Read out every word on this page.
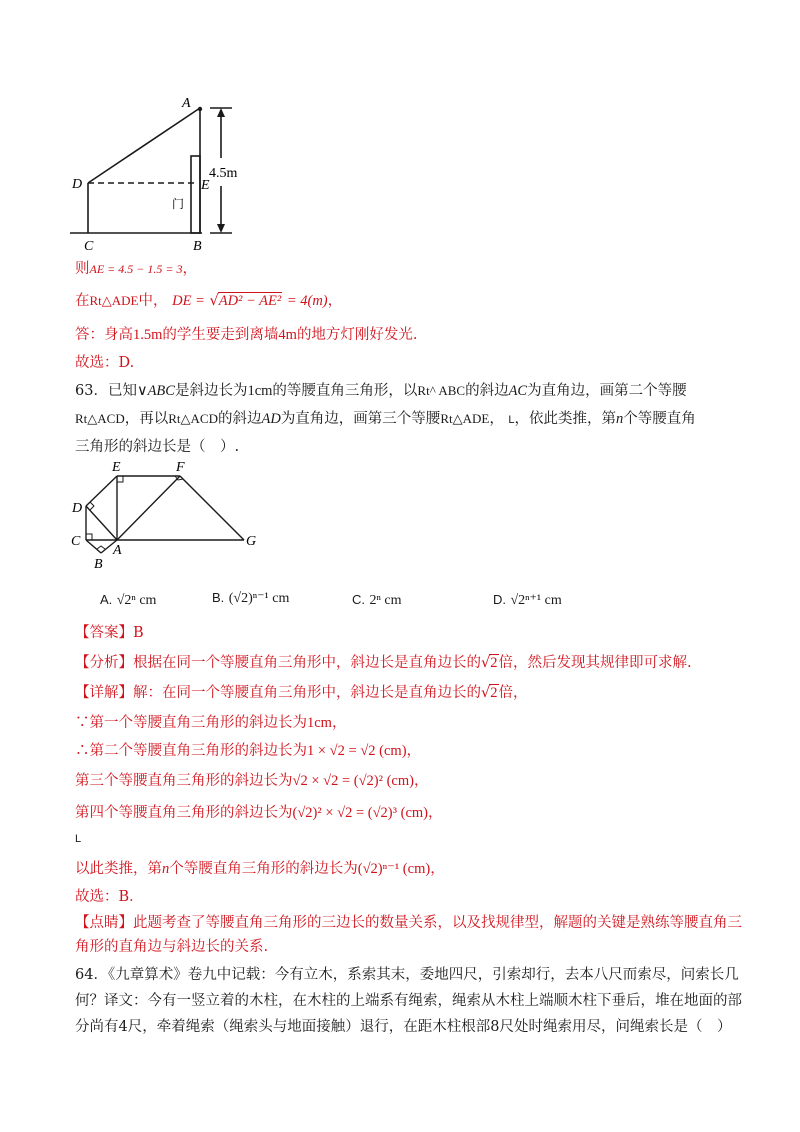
A
D	E
门
C	B
4.5m
则AE = 4.5 − 1.5 = 3，
在Rt△ADE中， DE = √AD² − AE² = 4(m)，
答：身高1.5m的学生要走到离墙4m的地方灯刚好发光.
故选：D.
63．已知∨ABC是斜边长为1cm的等腰直角三角形，以Rt^ ABC的斜边AC为直角边，画第二个等腰
Rt△ACD，再以Rt△ACD的斜边AD为直角边，画第三个等腰Rt△ADE， L，依此类推，第n个等腰直角
三角形的斜边长是（　）.
E	F
D
C
A
B
G
A. √2ⁿ cm	B. (√2)ⁿ⁻¹ cm	C. 2ⁿ cm	D. √2ⁿ⁺¹ cm
【答案】B
【分析】根据在同一个等腰直角三角形中，斜边长是直角边长的√2倍，然后发现其规律即可求解.
【详解】解：在同一个等腰直角三角形中，斜边长是直角边长的√2倍，
∵第一个等腰直角三角形的斜边长为1cm，
∴第二个等腰直角三角形的斜边长为1 × √2 = √2 (cm)，
第三个等腰直角三角形的斜边长为√2 × √2 = (√2)² (cm)，
第四个等腰直角三角形的斜边长为(√2)² × √2 = (√2)³ (cm)，
L
以此类推，第n个等腰直角三角形的斜边长为(√2)ⁿ⁻¹ (cm)，
故选：B．
【点睛】此题考查了等腰直角三角形的三边长的数量关系，以及找规律型，解题的关键是熟练等腰直角三
角形的直角边与斜边长的关系.
64．《九章算术》卷九中记载：今有立木，系索其末，委地四尺，引索却行，去本八尺而索尽，问索长几
何？译文：今有一竖立着的木柱，在木柱的上端系有绳索，绳索从木柱上端顺木柱下垂后，堆在地面的部
分尚有4尺，牵着绳索（绳索头与地面接触）退行，在距木柱根部8尺处时绳索用尽，问绳索长是（　）
